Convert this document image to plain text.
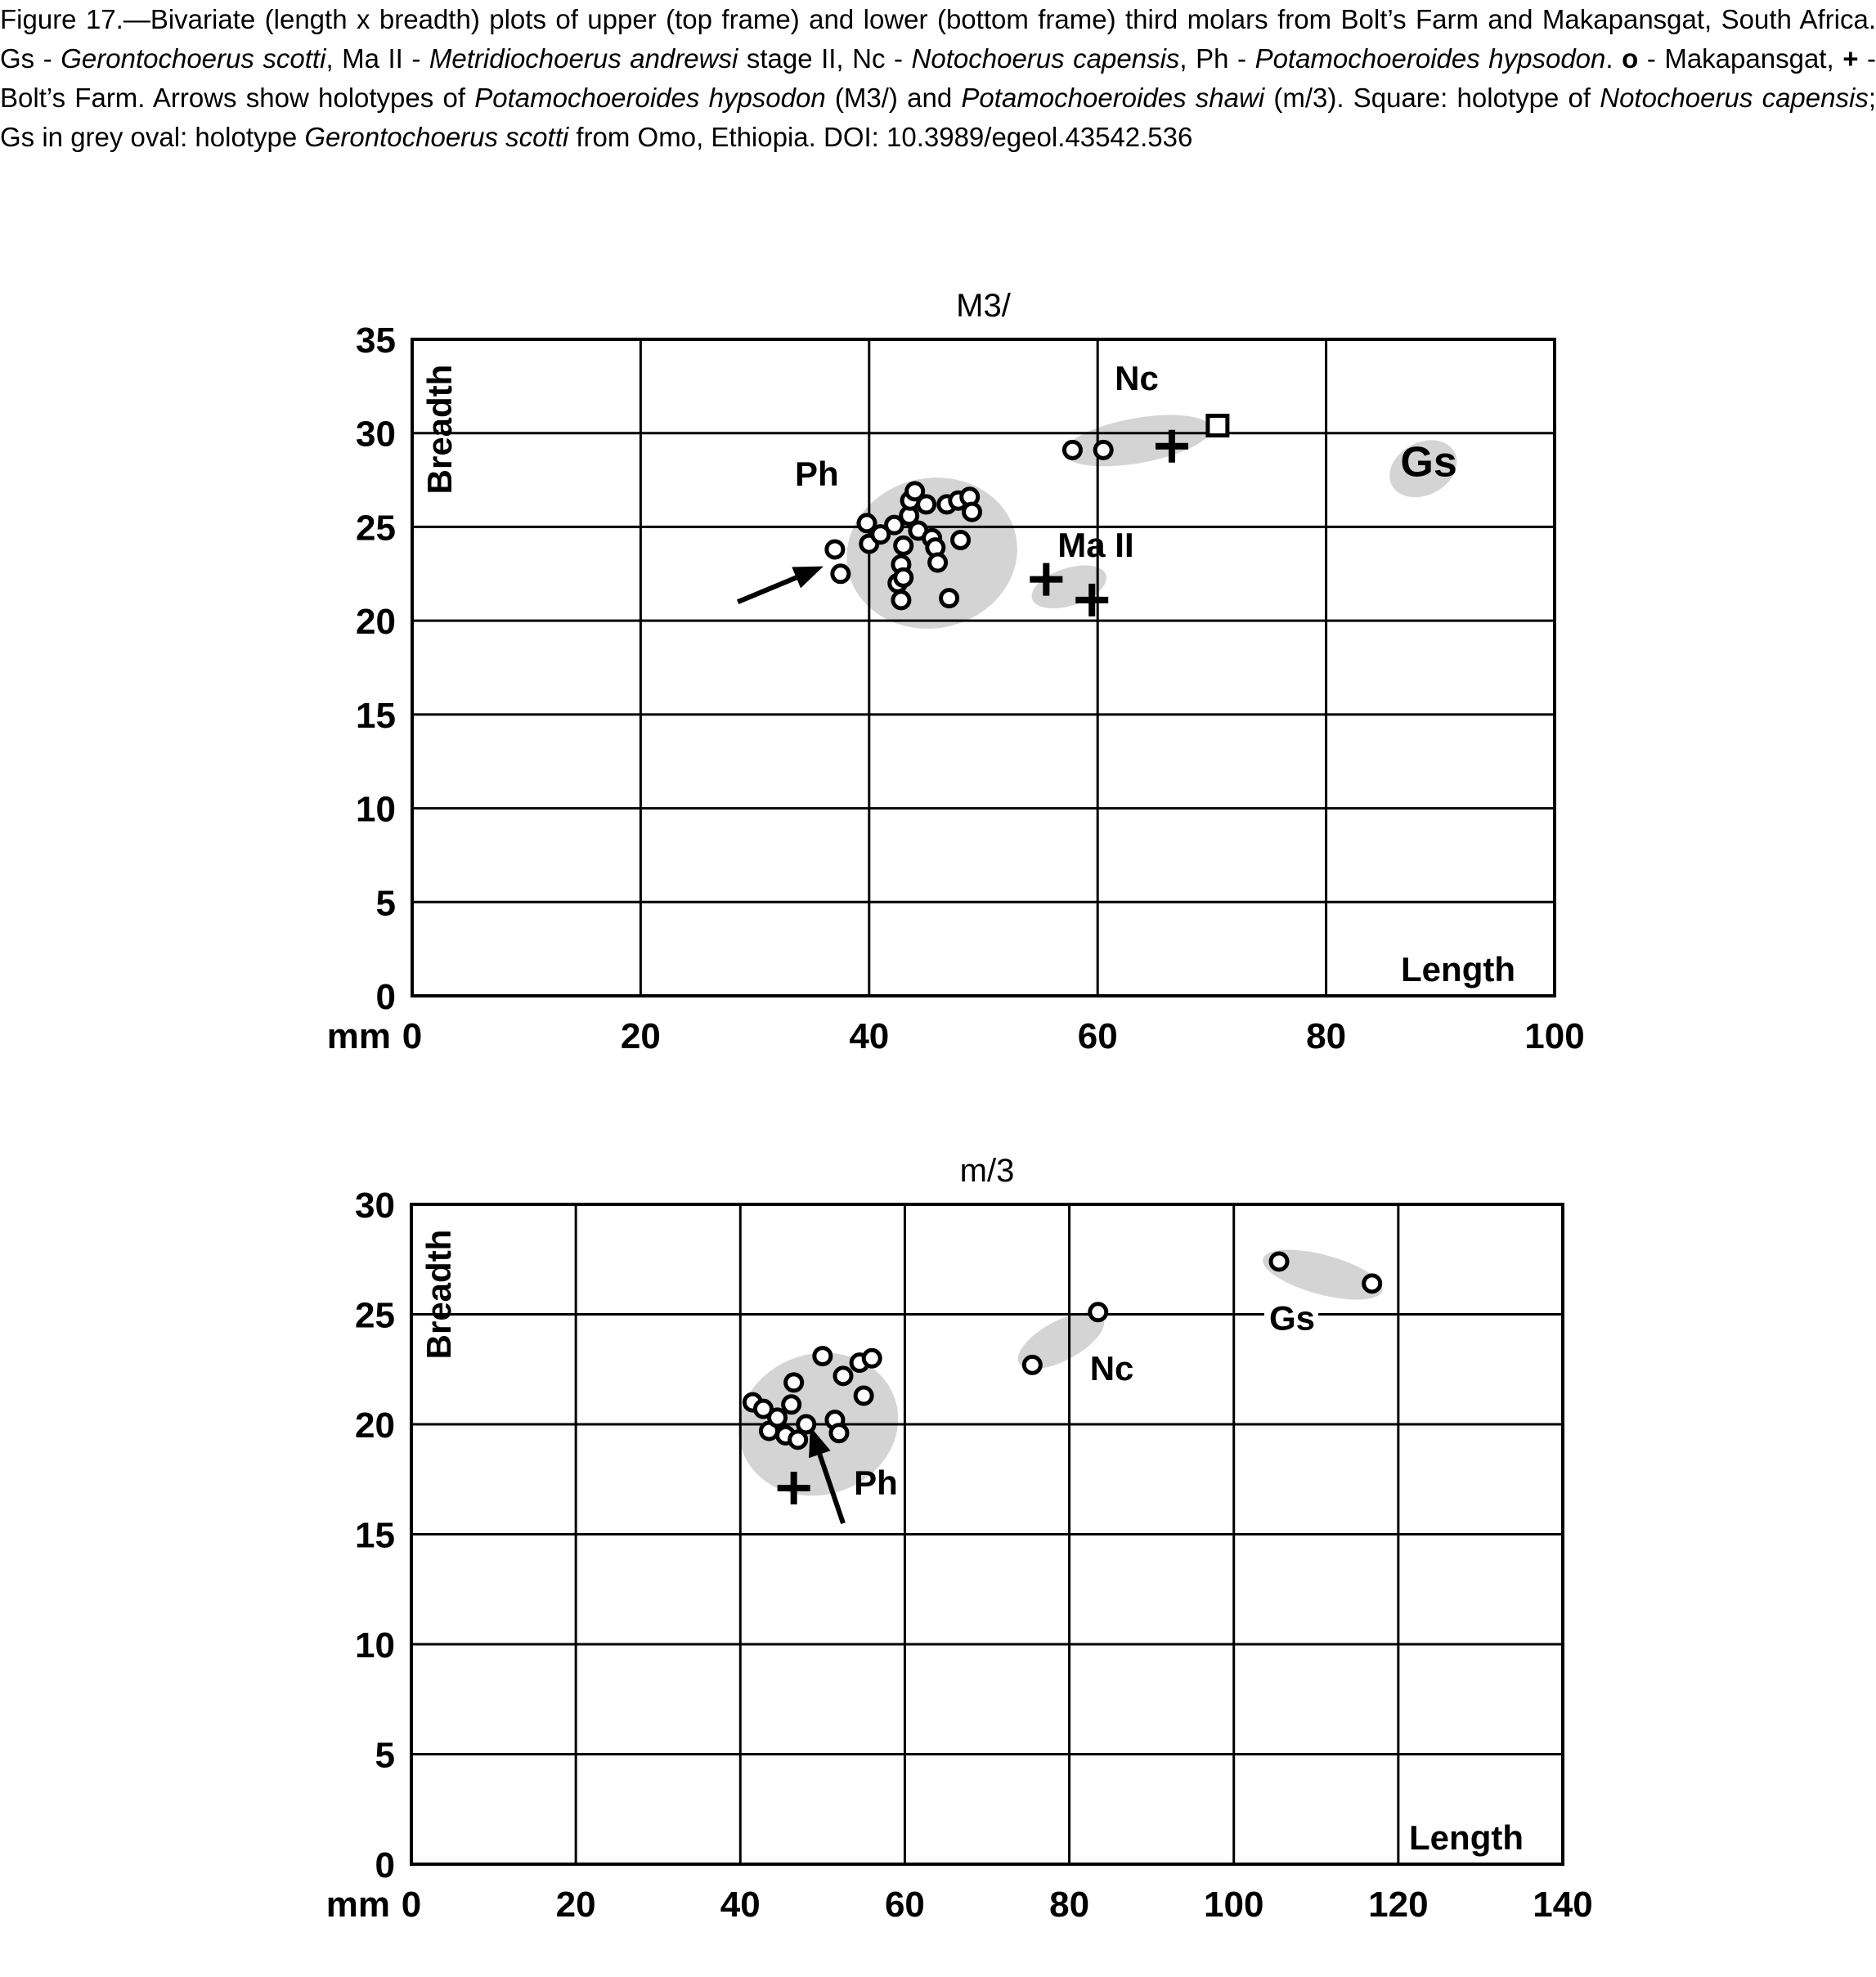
Figure 17.—Bivariate (length x breadth) plots of upper (top frame) and lower (bottom frame) third molars from Bolt’s Farm and Makapansgat, South Africa. Gs - Gerontochoerus scotti, Ma II - Metridiochoerus andrewsi stage II, Nc - Notochoerus capensis, Ph - Potamochoeroides hypsodon. o - Makapansgat, + - Bolt’s Farm. Arrows show holotypes of Potamochoeroides hypsodon (M3/) and Potamochoeroides shawi (m/3). Square: holotype of Notochoerus capensis; Gs in grey oval: holotype Gerontochoerus scotti from Omo, Ethiopia. DOI: 10.3989/egeol.43542.536
0
5
10
15
20
25
30
35
0	20	40	60	80	100
mm
M3/
Breadth
Length
Ph
Nc
Ma II
Gs
0
5
10
15
20
25
30
0	20	40	60	80	100	120	140
mm
m/3
Breadth
Length
Ph
Nc
Gs
